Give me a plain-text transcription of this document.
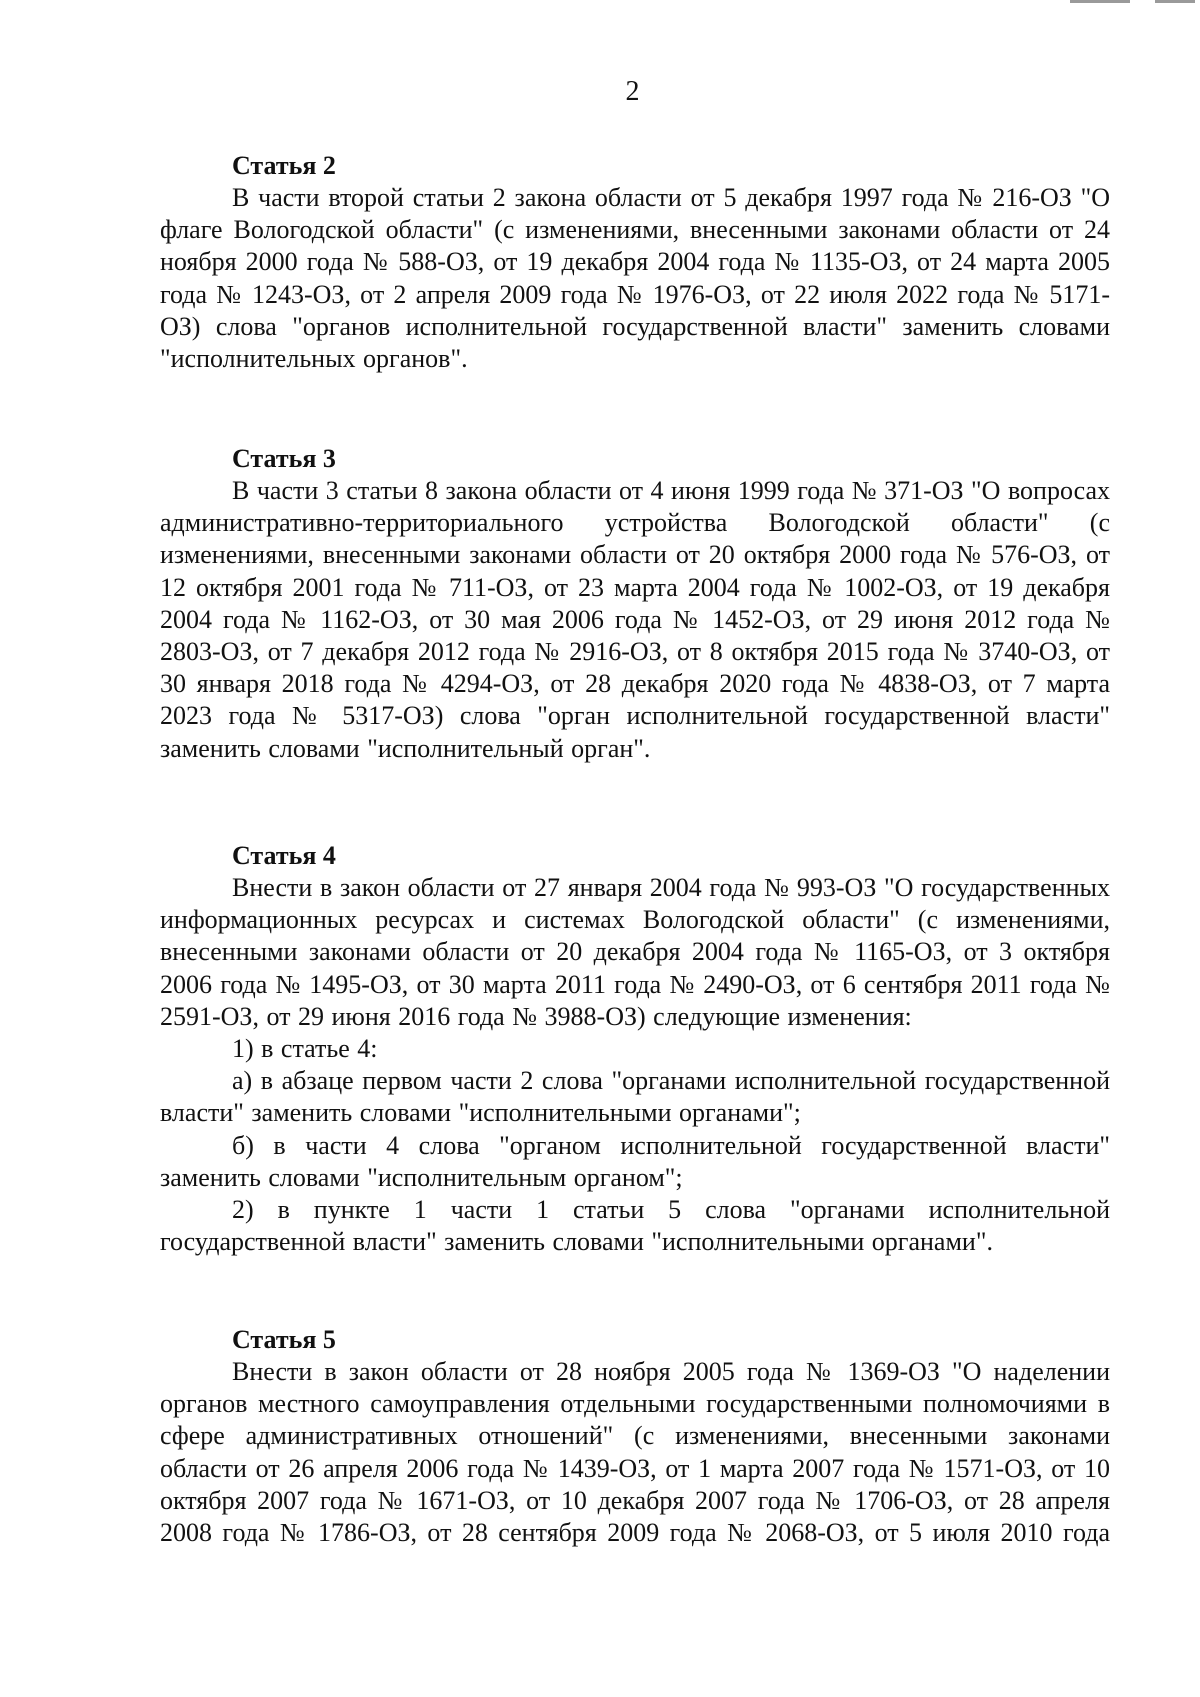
2
Статья 2

В части второй статьи 2 закона области от 5 декабря 1997 года № 216-ОЗ "О флаге Вологодской области" (с изменениями, внесенными законами области от 24 ноября 2000 года № 588-ОЗ, от 19 декабря 2004 года № 1135-ОЗ, от 24 марта 2005 года № 1243-ОЗ, от 2 апреля 2009 года № 1976-ОЗ, от 22 июля 2022 года № 5171-ОЗ) слова "органов исполнительной государственной власти" заменить словами "исполнительных органов".

Статья 3

В части 3 статьи 8 закона области от 4 июня 1999 года № 371-ОЗ "О вопросах административно-территориального устройства Вологодской области" (с изменениями, внесенными законами области от 20 октября 2000 года № 576-ОЗ, от 12 октября 2001 года № 711-ОЗ, от 23 марта 2004 года № 1002-ОЗ, от 19 декабря 2004 года № 1162-ОЗ, от 30 мая 2006 года № 1452-ОЗ, от 29 июня 2012 года № 2803-ОЗ, от 7 декабря 2012 года № 2916-ОЗ, от 8 октября 2015 года № 3740-ОЗ, от 30 января 2018 года № 4294-ОЗ, от 28 декабря 2020 года № 4838-ОЗ, от 7 марта 2023 года № 5317-ОЗ) слова "орган исполнительной государственной власти" заменить словами "исполнительный орган".

Статья 4

Внести в закон области от 27 января 2004 года № 993-ОЗ "О государственных информационных ресурсах и системах Вологодской области" (с изменениями, внесенными законами области от 20 декабря 2004 года № 1165-ОЗ, от 3 октября 2006 года № 1495-ОЗ, от 30 марта 2011 года № 2490-ОЗ, от 6 сентября 2011 года № 2591-ОЗ, от 29 июня 2016 года № 3988-ОЗ) следующие изменения:

1) в статье 4:

а) в абзаце первом части 2 слова "органами исполнительной государственной власти" заменить словами "исполнительными органами";

б) в части 4 слова "органом исполнительной государственной власти" заменить словами "исполнительным органом";

2) в пункте 1 части 1 статьи 5 слова "органами исполнительной государственной власти" заменить словами "исполнительными органами".

Статья 5

Внести в закон области от 28 ноября 2005 года № 1369-ОЗ "О наделении органов местного самоуправления отдельными государственными полномочиями в сфере административных отношений" (с изменениями, внесенными законами области от 26 апреля 2006 года № 1439-ОЗ, от 1 марта 2007 года № 1571-ОЗ, от 10 октября 2007 года № 1671-ОЗ, от 10 декабря 2007 года № 1706-ОЗ, от 28 апреля 2008 года № 1786-ОЗ, от 28 сентября 2009 года № 2068-ОЗ, от 5 июля 2010 года
